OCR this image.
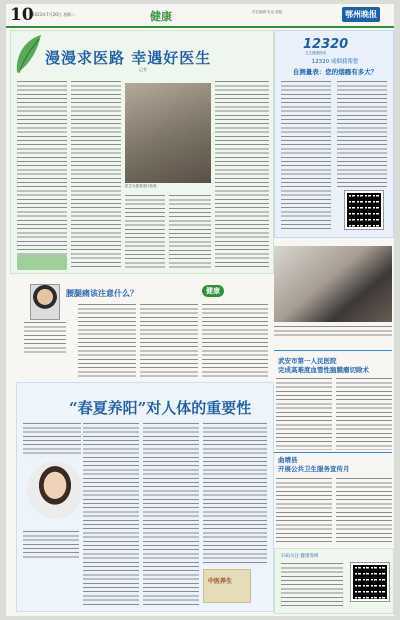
10
2023年7月20日 星期二	健康	责任编辑 电话 邮箱	鄂州晚报
漫漫求医路 幸遇好医生
记者
医生为患者进行检查
12320
卫生健康热线
12320 戒烟我帮您
自测量表：您的烟瘾有多大？
武安市第一人民医院
完成高难度血管性脑膜瘤切除术
曲靖县
开展公共卫生服务宣传月
扫码关注 健康鄂州
腰腿痛该注意什么？	健康
“春夏养阳”对人体的重要性
中医养生
